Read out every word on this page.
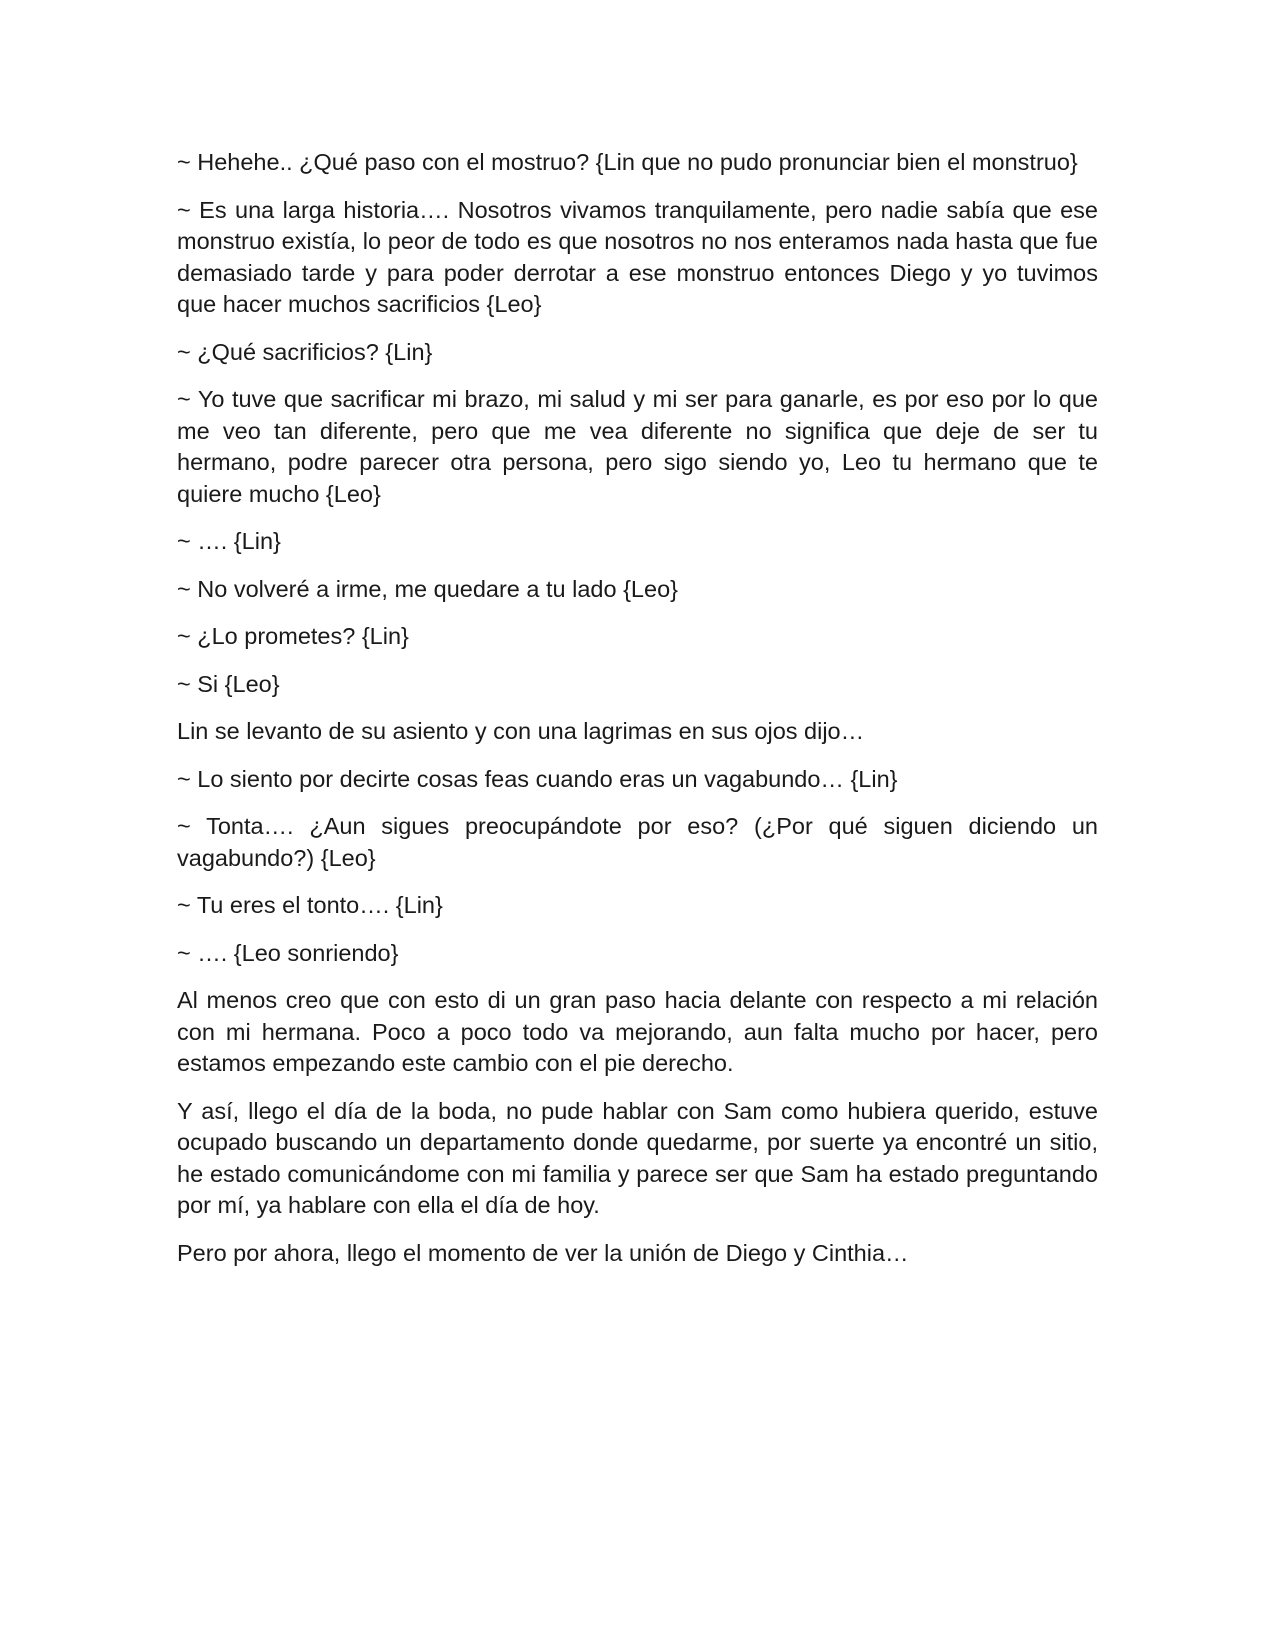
~ Hehehe.. ¿Qué paso con el mostruo? {Lin que no pudo pronunciar bien el monstruo}

~ Es una larga historia…. Nosotros vivamos tranquilamente, pero nadie sabía que ese monstruo existía, lo peor de todo es que nosotros no nos enteramos nada hasta que fue demasiado tarde y para poder derrotar a ese monstruo entonces Diego y yo tuvimos que hacer muchos sacrificios {Leo}

~ ¿Qué sacrificios? {Lin}

~ Yo tuve que sacrificar mi brazo, mi salud y mi ser para ganarle, es por eso por lo que me veo tan diferente, pero que me vea diferente no significa que deje de ser tu hermano, podre parecer otra persona, pero sigo siendo yo, Leo tu hermano que te quiere mucho {Leo}

~ …. {Lin}

~ No volveré a irme, me quedare a tu lado {Leo}

~ ¿Lo prometes? {Lin}

~ Si {Leo}

Lin se levanto de su asiento y con una lagrimas en sus ojos dijo…

~ Lo siento por decirte cosas feas cuando eras un vagabundo… {Lin}

~ Tonta…. ¿Aun sigues preocupándote por eso? (¿Por qué siguen diciendo un vagabundo?) {Leo}

~ Tu eres el tonto…. {Lin}

~ …. {Leo sonriendo}

Al menos creo que con esto di un gran paso hacia delante con respecto a mi relación con mi hermana. Poco a poco todo va mejorando, aun falta mucho por hacer, pero estamos empezando este cambio con el pie derecho.

Y así, llego el día de la boda, no pude hablar con Sam como hubiera querido, estuve ocupado buscando un departamento donde quedarme, por suerte ya encontré un sitio, he estado comunicándome con mi familia y parece ser que Sam ha estado preguntando por mí, ya hablare con ella el día de hoy.

Pero por ahora, llego el momento de ver la unión de Diego y Cinthia…
